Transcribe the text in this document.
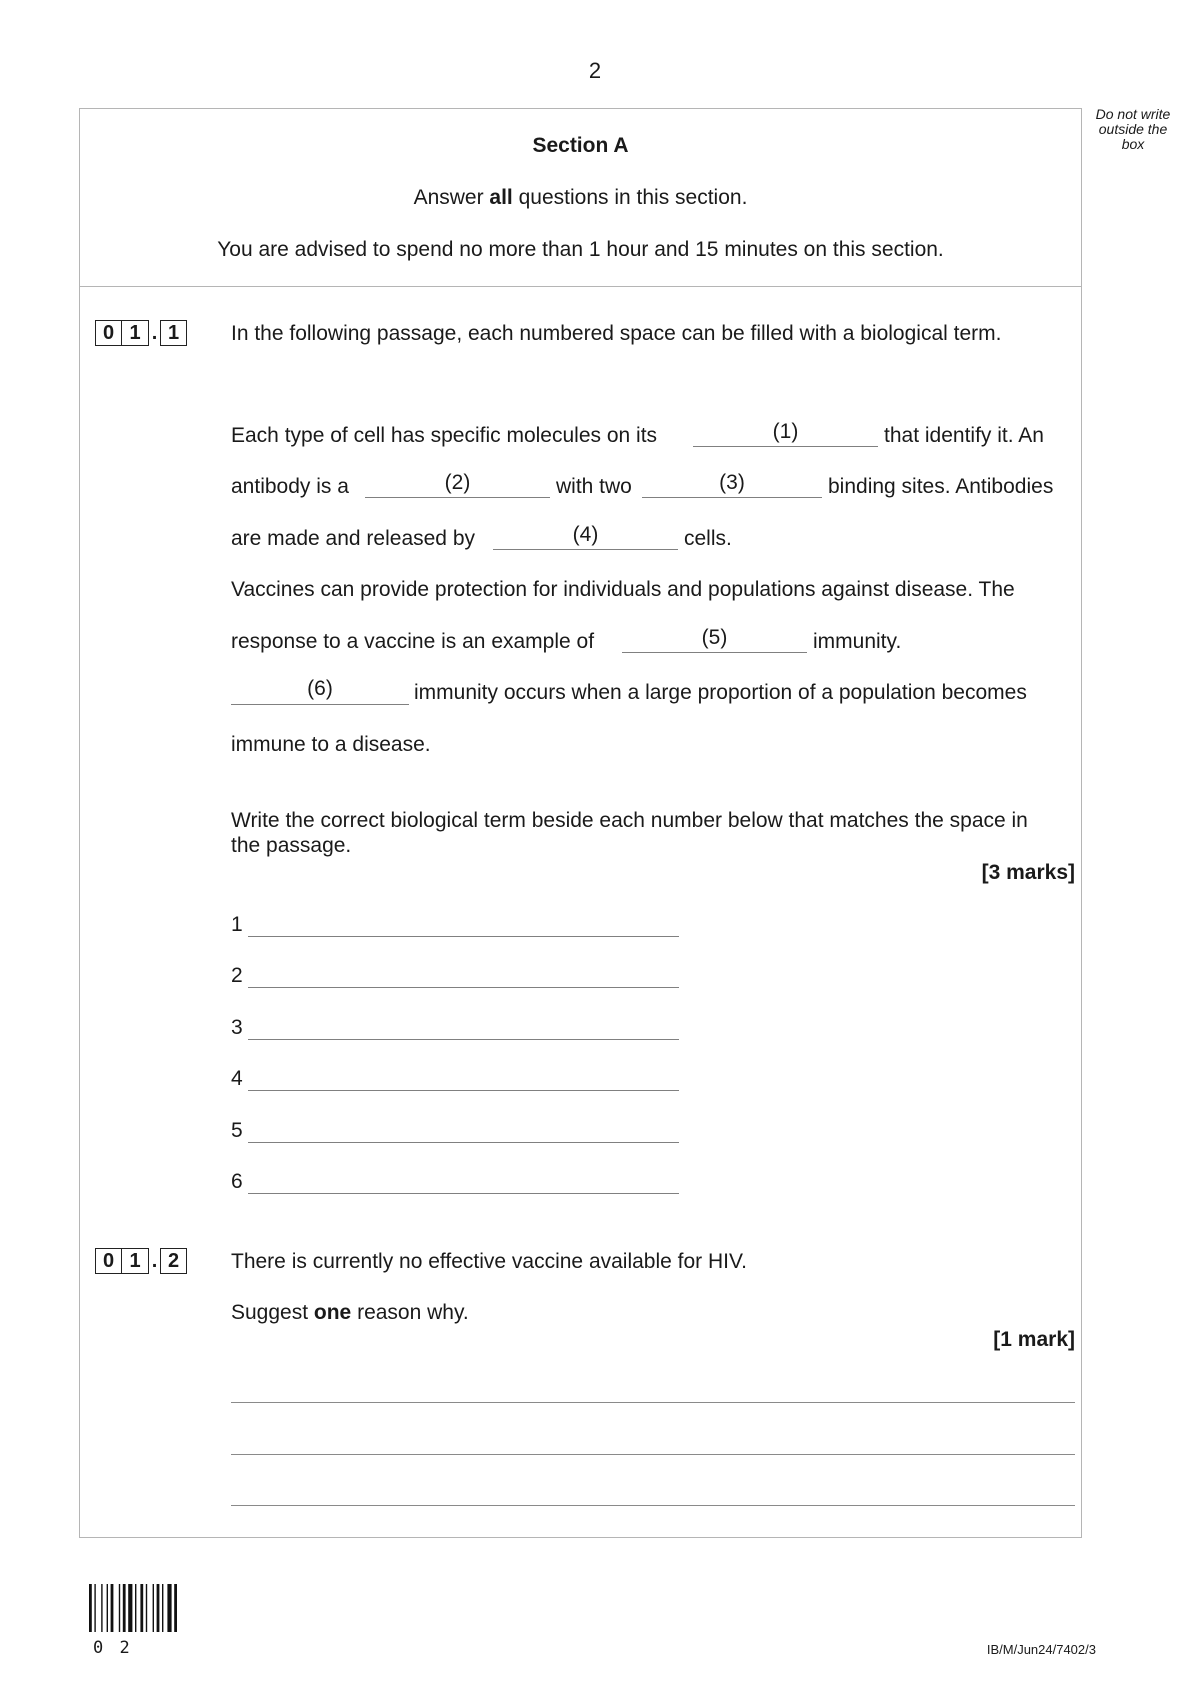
2
Do not write outside the box
Section A
Answer all questions in this section.
You are advised to spend no more than 1 hour and 15 minutes on this section.
0 1 . 1	In the following passage, each numbered space can be filled with a biological term.
Each type of cell has specific molecules on its	(1)	that identify it. An
antibody is a	(2)	with two	(3)	binding sites. Antibodies
are made and released by	(4)	cells.
Vaccines can provide protection for individuals and populations against disease. The
response to a vaccine is an example of	(5)	immunity.
(6)	immunity occurs when a large proportion of a population becomes
immune to a disease.
Write the correct biological term beside each number below that matches the space in
the passage.
[3 marks]
1
2
3
4
5
6
0 1 . 2	There is currently no effective vaccine available for HIV.
Suggest one reason why.
[1 mark]
0 2	IB/M/Jun24/7402/3
